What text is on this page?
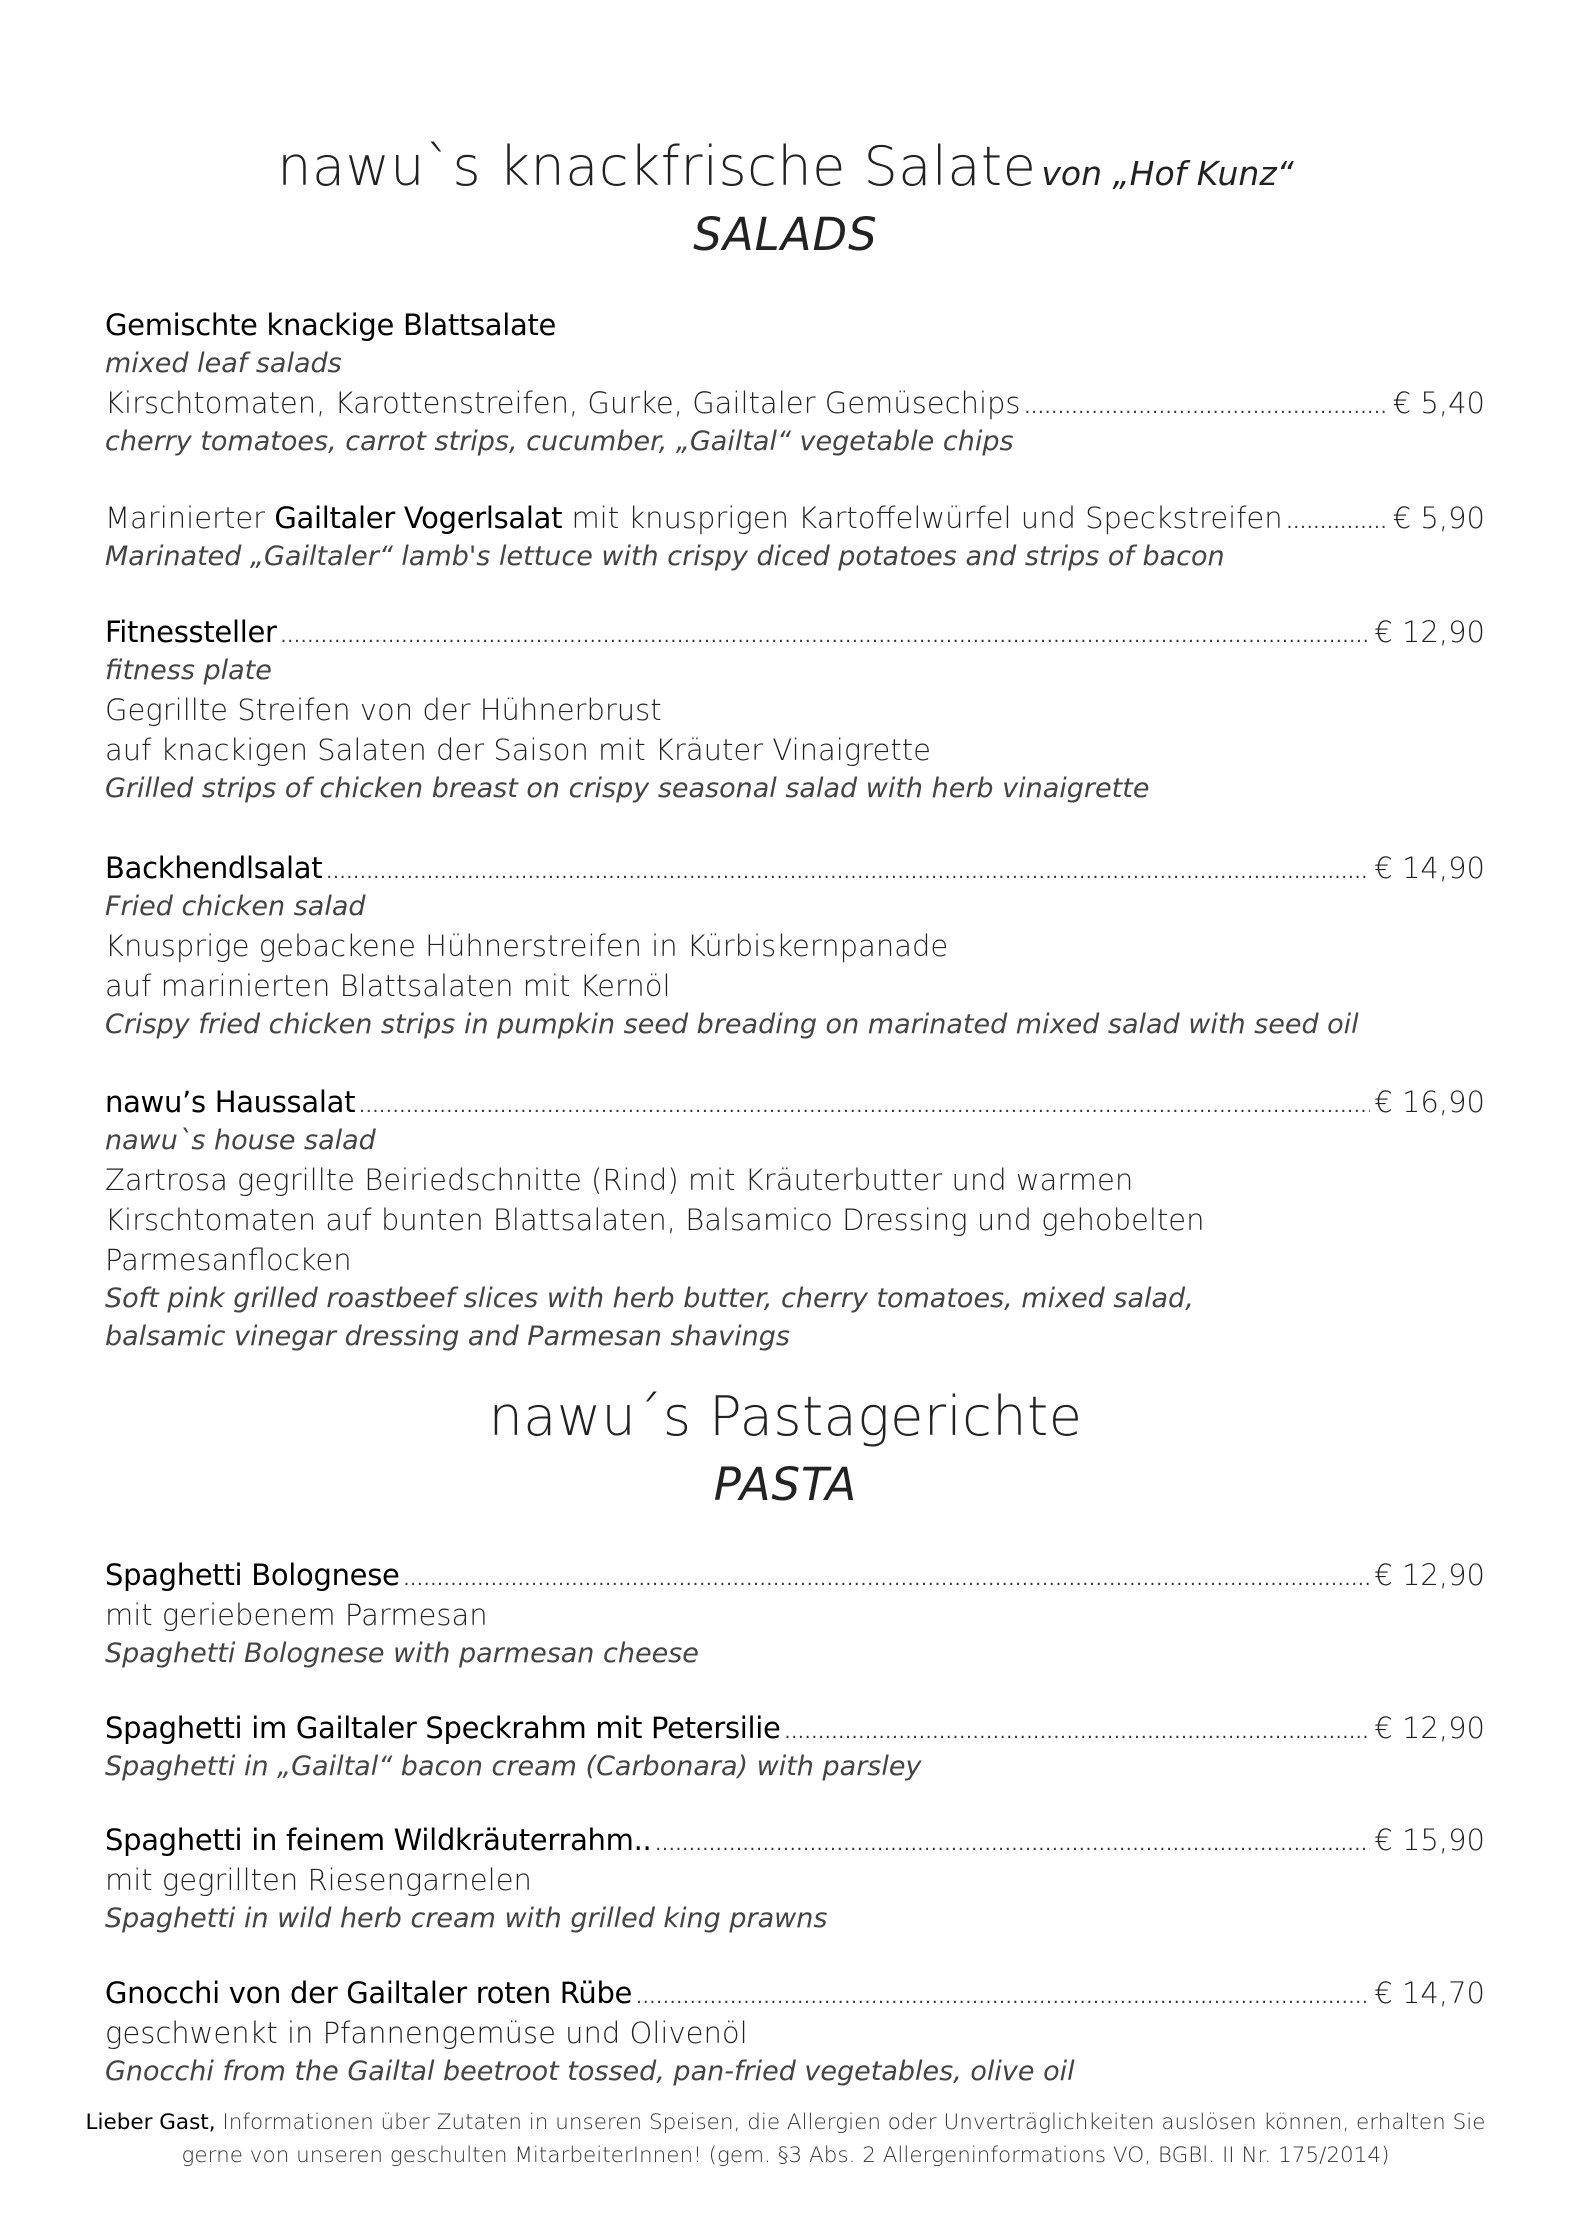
nawu`s knackfrische Salate von „Hof Kunz“
SALADS
Gemischte knackige Blattsalate
mixed leaf salads
Kirschtomaten, Karottenstreifen, Gurke, Gailtaler Gemüsechips .....	€ 5,40
cherry tomatoes, carrot strips, cucumber, „Gailtal“ vegetable chips
Marinierter Gailtaler Vogerlsalat mit knusprigen Kartoffelwürfel und Speckstreifen .....	€ 5,90
Marinated „Gailtaler“ lamb's lettuce with crispy diced potatoes and strips of bacon
Fitnessteller .....	€ 12,90
fitness plate
Gegrillte Streifen von der Hühnerbrust
auf knackigen Salaten der Saison mit Kräuter Vinaigrette
Grilled strips of chicken breast on crispy seasonal salad with herb vinaigrette
Backhendlsalat .....	€ 14,90
Fried chicken salad
Knusprige gebackene Hühnerstreifen in Kürbiskernpanade
auf marinierten Blattsalaten mit Kernöl
Crispy fried chicken strips in pumpkin seed breading on marinated mixed salad with seed oil
nawu’s Haussalat .....	€ 16,90
nawu`s house salad
Zartrosa gegrillte Beiriedschnitte (Rind) mit Kräuterbutter und warmen
Kirschtomaten auf bunten Blattsalaten, Balsamico Dressing und gehobelten
Parmesanflocken
Soft pink grilled roastbeef slices with herb butter, cherry tomatoes, mixed salad,
balsamic vinegar dressing and Parmesan shavings
nawu´s Pastagerichte
PASTA
Spaghetti Bolognese .....	€ 12,90
mit geriebenem Parmesan
Spaghetti Bolognese with parmesan cheese
Spaghetti im Gailtaler Speckrahm mit Petersilie .....	€ 12,90
Spaghetti in „Gailtal“ bacon cream (Carbonara) with parsley
Spaghetti in feinem Wildkräuterrahm.. .....	€ 15,90
mit gegrillten Riesengarnelen
Spaghetti in wild herb cream with grilled king prawns
Gnocchi von der Gailtaler roten Rübe .....	€ 14,70
geschwenkt in Pfannengemüse und Olivenöl
Gnocchi from the Gailtal beetroot tossed, pan-fried vegetables, olive oil
Lieber Gast, Informationen über Zutaten in unseren Speisen, die Allergien oder Unverträglichkeiten auslösen können, erhalten Sie
gerne von unseren geschulten MitarbeiterInnen! (gem. §3 Abs. 2 Allergeninformations VO, BGBl. II Nr. 175/2014)
